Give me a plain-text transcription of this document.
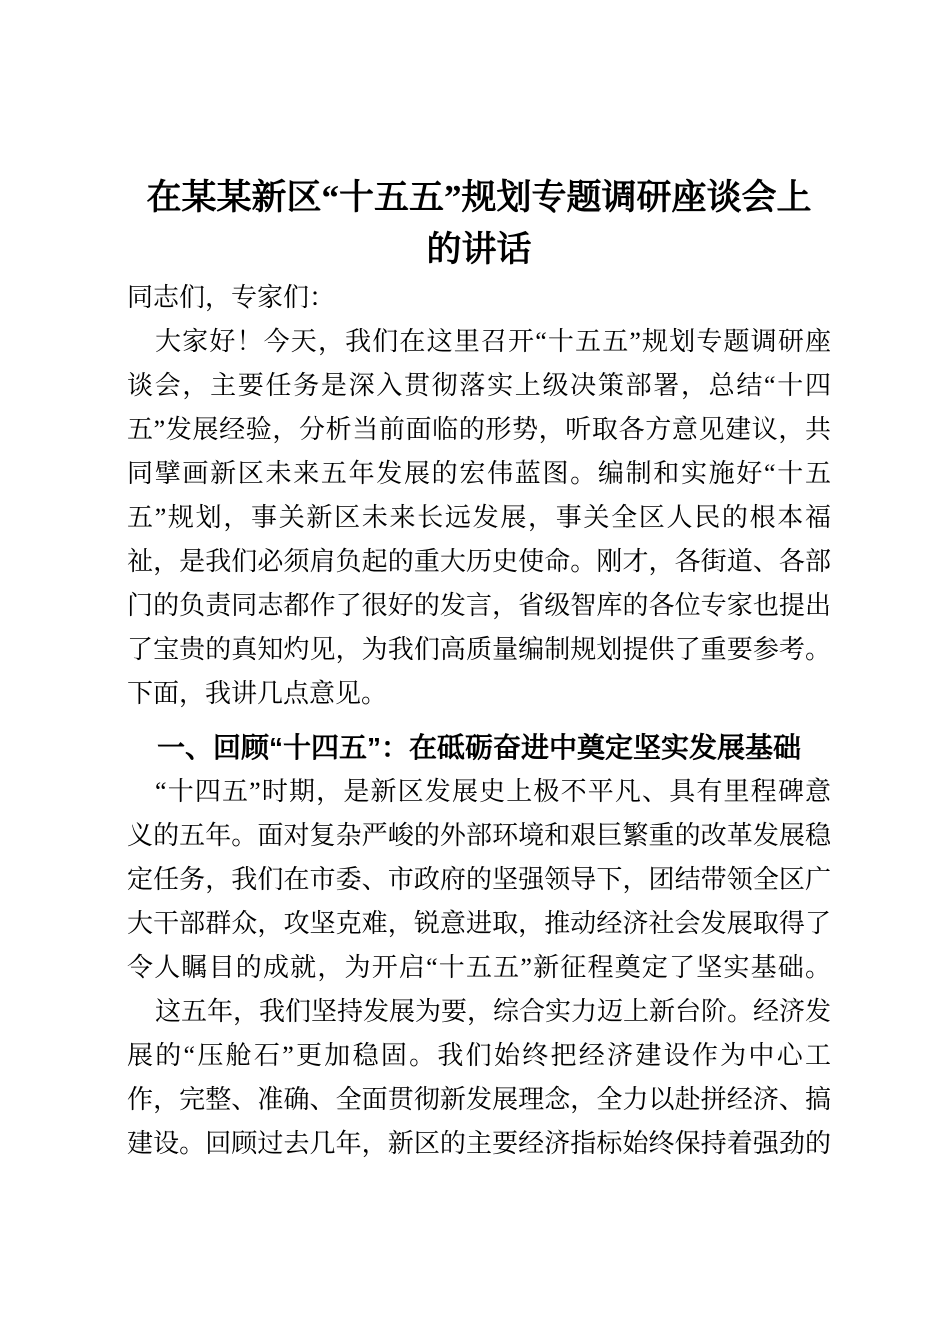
在某某新区“十五五”规划专题调研座谈会上
的讲话
同志们，专家们：
大家好！今天，我们在这里召开“十五五”规划专题调研座
谈会，主要任务是深入贯彻落实上级决策部署，总结“十四
五”发展经验，分析当前面临的形势，听取各方意见建议，共
同擘画新区未来五年发展的宏伟蓝图。编制和实施好“十五
五”规划，事关新区未来长远发展，事关全区人民的根本福
祉，是我们必须肩负起的重大历史使命。刚才，各街道、各部
门的负责同志都作了很好的发言，省级智库的各位专家也提出
了宝贵的真知灼见，为我们高质量编制规划提供了重要参考。
下面，我讲几点意见。
一、回顾“十四五”：在砥砺奋进中奠定坚实发展基础
“十四五”时期，是新区发展史上极不平凡、具有里程碑意
义的五年。面对复杂严峻的外部环境和艰巨繁重的改革发展稳
定任务，我们在市委、市政府的坚强领导下，团结带领全区广
大干部群众，攻坚克难，锐意进取，推动经济社会发展取得了
令人瞩目的成就，为开启“十五五”新征程奠定了坚实基础。
这五年，我们坚持发展为要，综合实力迈上新台阶。经济发
展的“压舱石”更加稳固。我们始终把经济建设作为中心工
作，完整、准确、全面贯彻新发展理念，全力以赴拼经济、搞
建设。回顾过去几年，新区的主要经济指标始终保持着强劲的
